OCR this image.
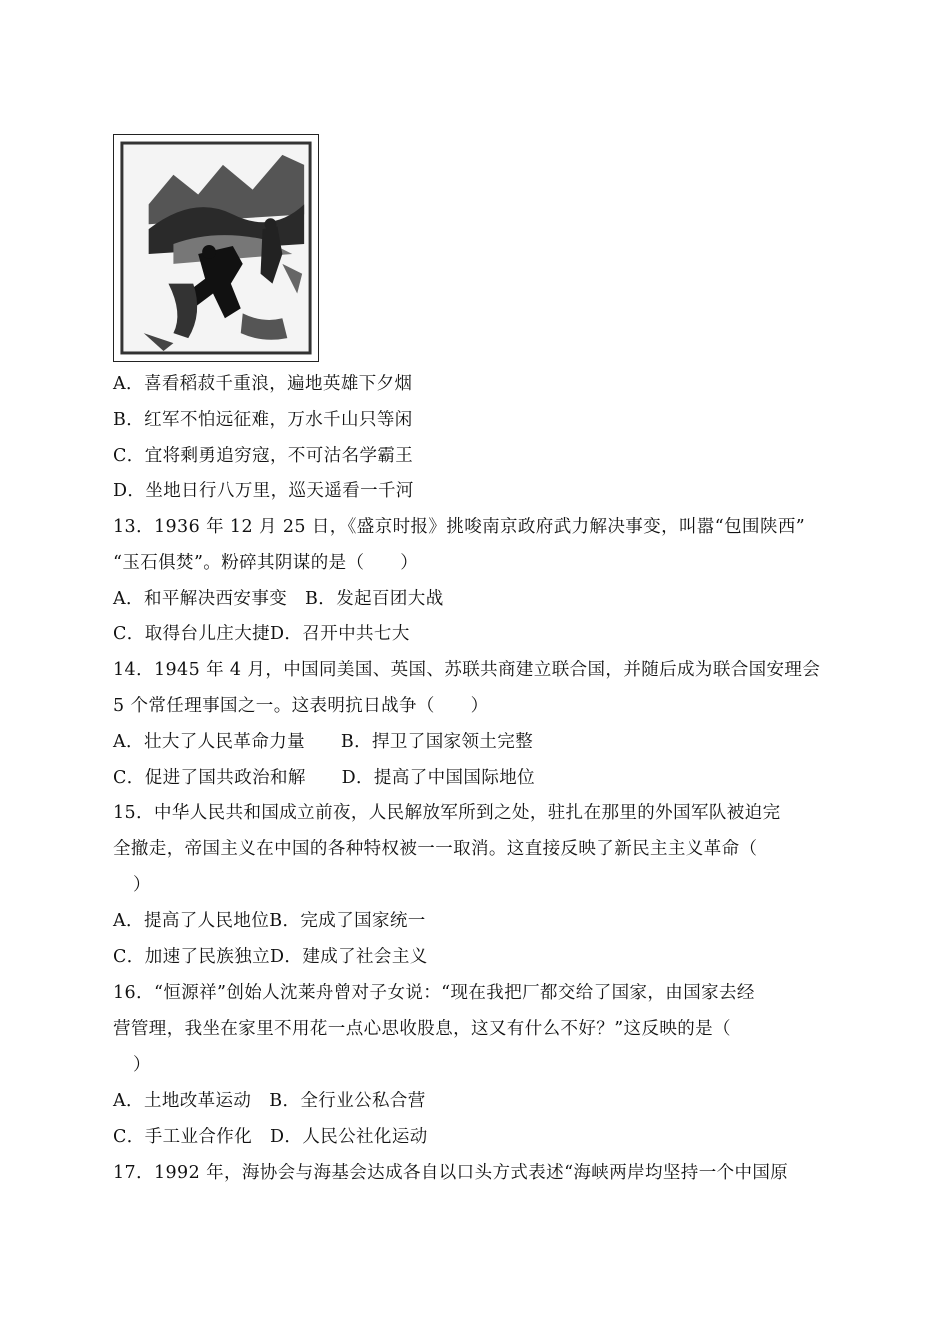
A．喜看稻菽千重浪，遍地英雄下夕烟
B．红军不怕远征难，万水千山只等闲
C．宜将剩勇追穷寇，不可沽名学霸王
D．坐地日行八万里，巡天遥看一千河
13．1936 年 12 月 25 日，《盛京时报》挑唆南京政府武力解决事变，叫嚣“包围陕西”
“玉石俱焚”。粉碎其阴谋的是（　　）
A．和平解决西安事变　B．发起百团大战
C．取得台儿庄大捷D．召开中共七大
14．1945 年 4 月，中国同美国、英国、苏联共商建立联合国，并随后成为联合国安理会
5 个常任理事国之一。这表明抗日战争（　　）
A．壮大了人民革命力量　　B．捍卫了国家领土完整
C．促进了国共政治和解　　D．提高了中国国际地位
15．中华人民共和国成立前夜，人民解放军所到之处，驻扎在那里的外国军队被迫完
全撤走，帝国主义在中国的各种特权被一一取消。这直接反映了新民主主义革命（
）
A．提高了人民地位B．完成了国家统一
C．加速了民族独立D．建成了社会主义
16．“恒源祥”创始人沈莱舟曾对子女说：“现在我把厂都交给了国家，由国家去经
营管理，我坐在家里不用花一点心思收股息，这又有什么不好？”这反映的是（
）
A．土地改革运动　B．全行业公私合营
C．手工业合作化　D．人民公社化运动
17．1992 年，海协会与海基会达成各自以口头方式表述“海峡两岸均坚持一个中国原
